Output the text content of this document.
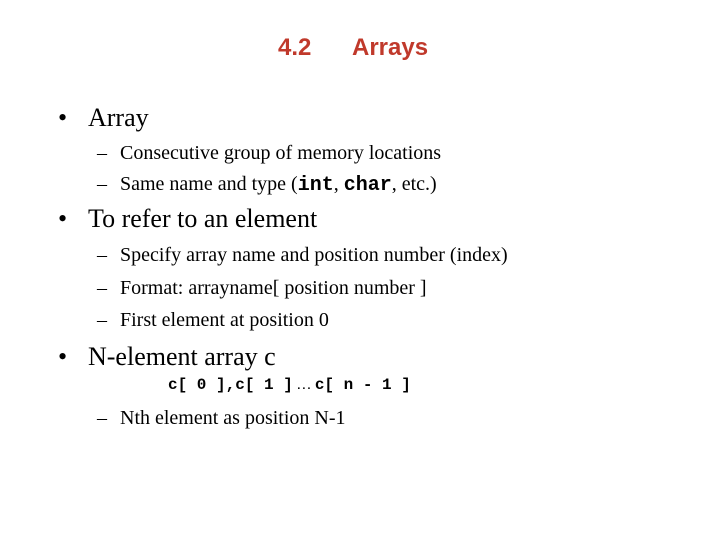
4.2 Arrays
• Array
– Consecutive group of memory locations
– Same name and type (int, char, etc.)
• To refer to an element
– Specify array name and position number (index)
– Format: arrayname[ position number ]
– First element at position 0
• N-element array c
c[ 0 ],c[ 1 ] … c[ n - 1 ]
– Nth element as position N-1
